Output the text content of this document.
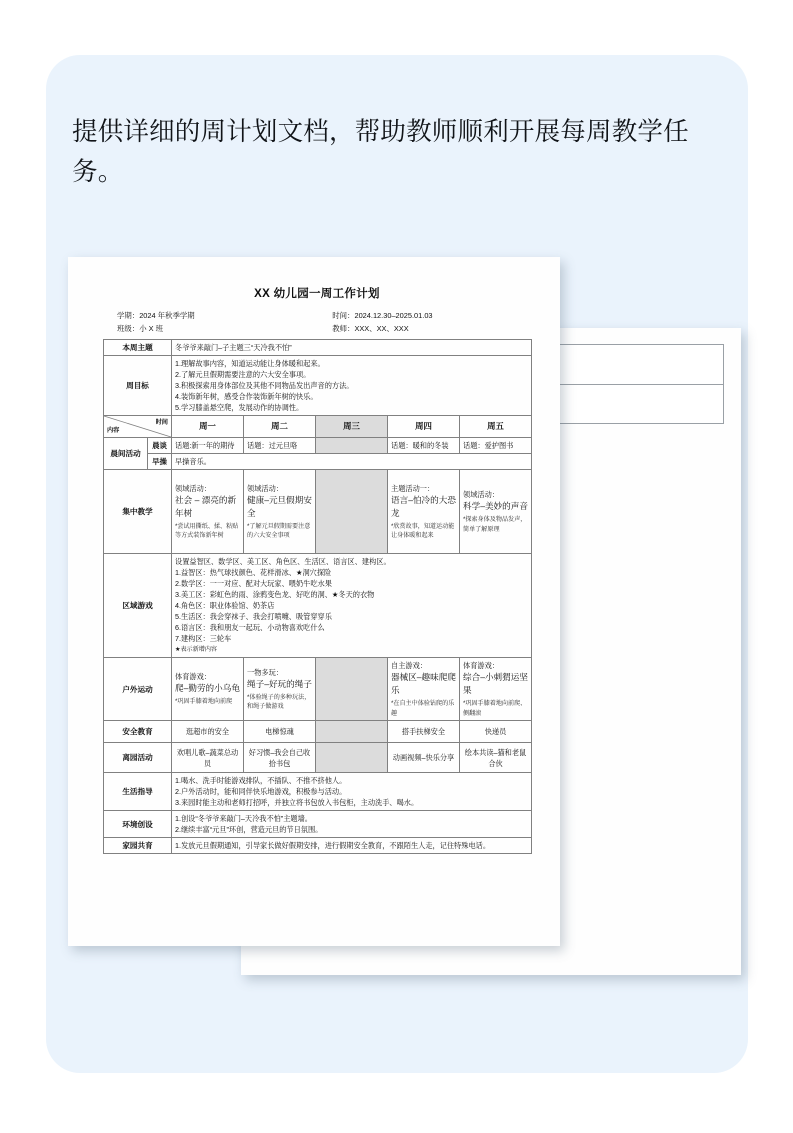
提供详细的周计划文档，帮助教师顺利开展每周教学任务。
XX 幼儿园一周工作计划
学期：2024 年秋季学期	时间：2024.12.30–2025.01.03
班级：小 X 班	教师：XXX、XX、XXX
本周主题		冬爷爷来敲门–子主题三“天冷我不怕”				
周目标		1.理解故事内容，知道运动能让身体暖和起来。
2.了解元旦假期需要注意的六大安全事项。
3.积极探索用身体部位及其他不同物品发出声音的方法。
4.装饰新年树，感受合作装饰新年树的快乐。
5.学习膝盖悬空爬，发展动作的协调性。				

时间
内容		周一	周二	周三	周四	周五
晨间活动	晨谈	话题:新一年的期待	话题：过元旦咯		话题：暖和的冬装	话题：爱护图书
	早操	早操音乐。				
集中教学		领域活动：
社会 – 漂亮的新年树
*尝试用撕纸、揉、粘贴等方式装饰新年树	领域活动：
健康–元旦假期安全
*了解元旦假期需要注意的六大安全事项		主题活动一：
语言–怕冷的大恐龙
*欣赏故事，知道运动能让身体暖和起来	领域活动：
科学–美妙的声音
*探索身体及物品发声，简单了解原理

区域游戏	
设置益智区、数学区、美工区、角色区、生活区、语言区、建构区。
1.益智区：热气球找颜色、花样滑冰、★洞穴探险
2.数学区：一一对应、配对大玩家、喂奶牛吃水果
3.美工区：彩虹色的雨、涂鸦变色龙、好吃的洞、★冬天的衣物
4.角色区：职业体验馆、奶茶店
5.生活区：我会穿袜子、我会打喷嚏、吸管穿穿乐
6.语言区：我和朋友一起玩、小动物喜欢吃什么
7.建构区：三轮车
★表示新增内容

户外运动		体育游戏：
爬–勤劳的小乌龟
*巩固手膝着地向前爬	一物多玩：
绳子–好玩的绳子
*体验绳子的多种玩法，和绳子做游戏		自主游戏：
器械区–趣味爬爬乐
*在自主中体验钻爬的乐趣	体育游戏：
综合–小刺猬运坚果
*巩固手膝着地向前爬、侧翻滚

安全教育		逛超市的安全	电梯惊魂		搭手扶梯安全	快递员
离园活动		欢唱儿歌–蔬菜总动员	好习惯–我会自己收拾书包		动画视频–快乐分享	绘本共读–猫和老鼠合伙
生活指导		1.喝水、洗手时能游戏排队，不插队、不推不挤他人。
2.户外活动时，能和同伴快乐地游戏，积极参与活动。
3.来园时能主动和老师打招呼，并独立将书包放入书包柜，主动洗手、喝水。				

环境创设		1.创设“冬爷爷来敲门–天冷我不怕”主题墙。
2.继续丰富“元旦”环创，营造元旦的节日氛围。				

家园共育		1.发放元旦假期通知，引导家长做好假期安排，进行假期安全教育，不跟陌生人走，记住特殊电话。				
